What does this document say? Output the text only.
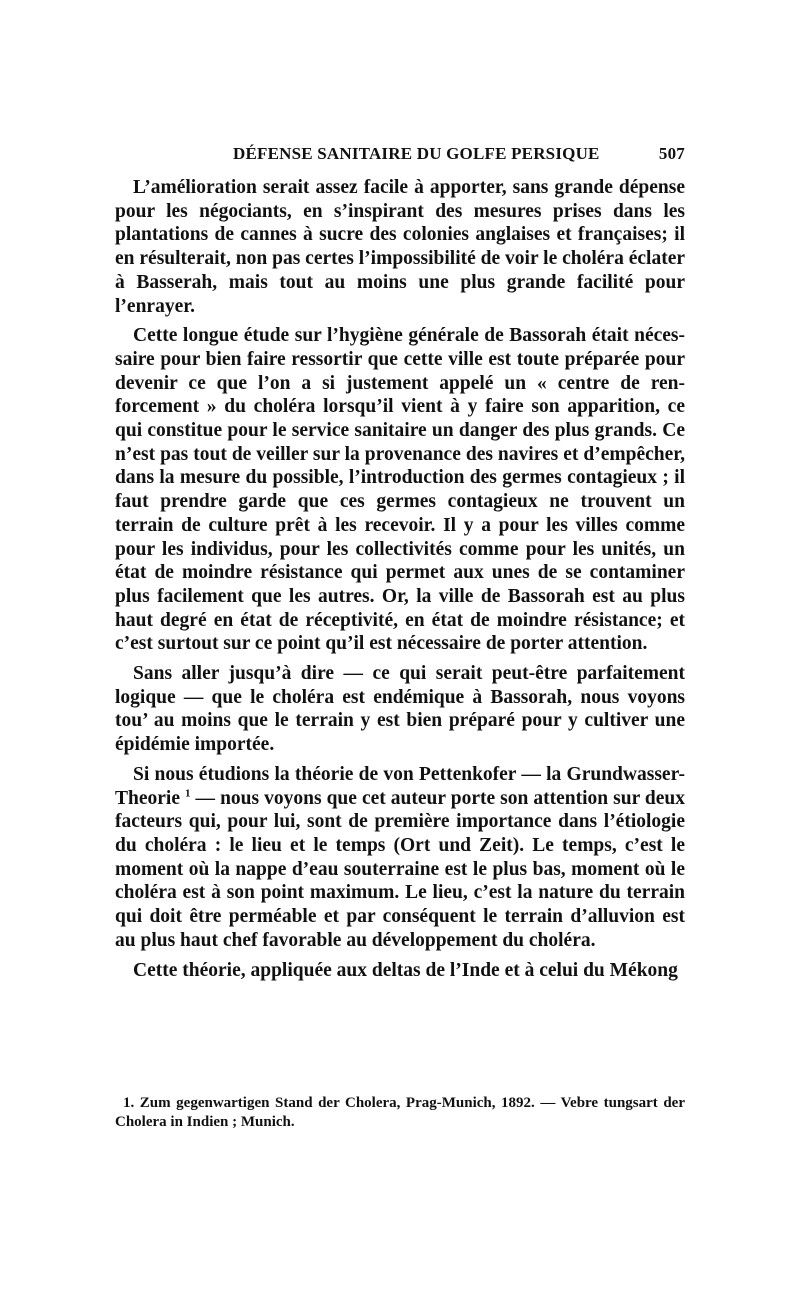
DÉFENSE SANITAIRE DU GOLFE PERSIQUE	507

L’amélioration serait assez facile à apporter, sans grande dépense pour les négociants, en s’inspirant des mesures prises dans les plantations de cannes à sucre des colonies anglaises et françaises; il en résulterait, non pas certes l’impossibilité de voir le choléra éclater à Basserah, mais tout au moins une plus grande facilité pour l’enrayer.

Cette longue étude sur l’hygiène générale de Bassorah était nécessaire pour bien faire ressortir que cette ville est toute préparée pour devenir ce que l’on a si justement appelé un « centre de renforcement » du choléra lorsqu’il vient à y faire son apparition, ce qui constitue pour le service sanitaire un danger des plus grands. Ce n’est pas tout de veiller sur la provenance des navires et d’empêcher, dans la mesure du possible, l’introduction des germes contagieux ; il faut prendre garde que ces germes contagieux ne trouvent un terrain de culture prêt à les recevoir. Il y a pour les villes comme pour les individus, pour les collectivités comme pour les unités, un état de moindre résistance qui permet aux unes de se contaminer plus facilement que les autres. Or, la ville de Bassorah est au plus haut degré en état de réceptivité, en état de moindre résistance; et c’est surtout sur ce point qu’il est nécessaire de porter attention.

Sans aller jusqu’à dire — ce qui serait peut-être parfaitement logique — que le choléra est endémique à Bassorah, nous voyons tou’ au moins que le terrain y est bien préparé pour y cultiver une épidémie importée.

Si nous étudions la théorie de von Pettenkofer — la Grundwasser-Theorie $^1$ — nous voyons que cet auteur porte son attention sur deux facteurs qui, pour lui, sont de première importance dans l’étiologie du choléra : le lieu et le temps (Ort und Zeit). Le temps, c’est le moment où la nappe d’eau souterraine est le plus bas, moment où le choléra est à son point maximum. Le lieu, c’est la nature du terrain qui doit être perméable et par conséquent le terrain d’alluvion est au plus haut chef favorable au développement du choléra.

Cette théorie, appliquée aux deltas de l’Inde et à celui du Mékong

1. Zum gegenwartigen Stand der Cholera, Prag-Munich, 1892. — Vebre tungsart der Cholera in Indien ; Munich.
